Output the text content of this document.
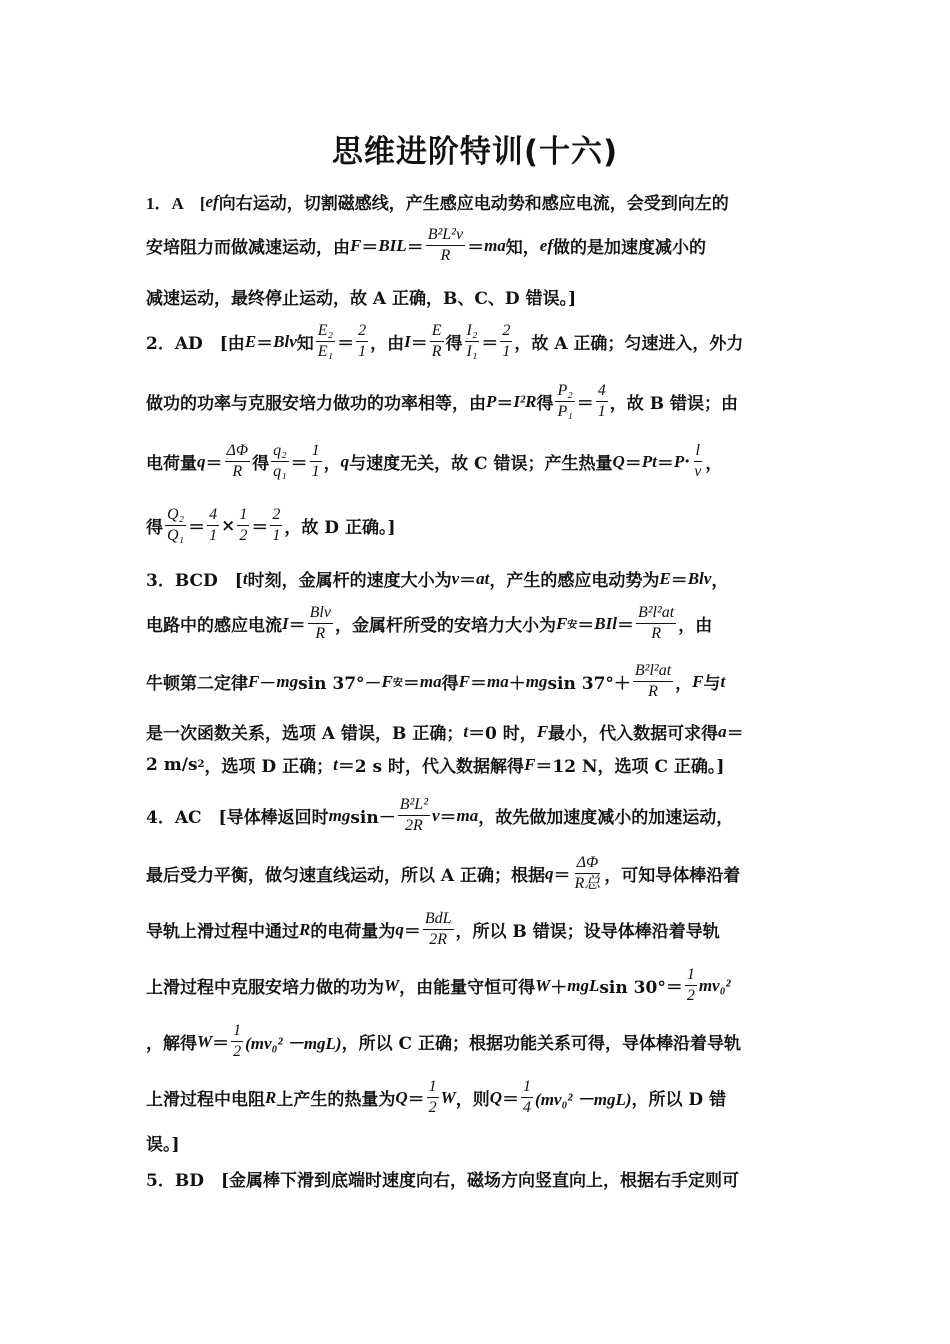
思维进阶特训(十六)
1．A　[ ef 向右运动，切割磁感线，产生感应电动势和感应电流，会受到向左的
安培阻力而做减速运动，由 F ＝ BIL ＝ $\frac{\text{B²L²v}}{R}$ ＝ ma 知， ef 做的是加速度减小的
减速运动，最终停止运动，故 A 正确，B、C、D 错误。]
2．AD　[由 E ＝ Blv 知 $\frac{\text{E₂}}{\text{E₁}} = \frac{2}{1}$ ，由 $I = \frac{E}{R}$ 得 $\frac{\text{I₂}}{\text{I₁}} = \frac{2}{1}$ ，故 A 正确；匀速进入，外力
做功的功率与克服安培力做功的功率相等，由 P ＝ I²R 得 $\frac{\text{P₂}}{\text{P₁}} = \frac{4}{1}$ ，故 B 错误；由
电荷量 $q = \frac{\Delta\Phi}{R}$ 得 $\frac{\text{q₂}}{\text{q₁}} = \frac{1}{1}$ ， q 与速度无关，故 C 错误；产生热量 $Q = Pt = P \cdot \frac{l}{v}$ ，
得 $\frac{\text{Q₂}}{\text{Q₁}} = \frac{4}{1} \times \frac{1}{2} = \frac{2}{1}$ ，故 D 正确。]
3．BCD　[ t 时刻，金属杆的速度大小为 v ＝ at ，产生的感应电动势为 E ＝ Blv ，
电路中的感应电流 $I = \frac{\text{Blv}}{R}$ ，金属杆所受的安培力大小为 F 安 ＝ BIl ＝ $\frac{\text{B²l²at}}{R}$ ，由
牛顿第二定律 F － mg sin 37°－ F 安 ＝ ma 得 F ＝ ma ＋ mg $\sin 37^\circ+ \frac{\text{B²l²at}}{R}$ ， F 与 t
是一次函数关系，选项 A 错误，B 正确； t ＝0 时， F 最小，代入数据可求得 a ＝
2 m/s 2 ，选项 D 正确； t ＝2 s 时，代入数据解得 F ＝12 N，选项 C 正确。]
4．AC　[导体棒返回时 mg $\sin- \frac{\text{B²L²}}{2R}$ v ＝ ma ，故先做加速度减小的加速运动，
最后受力平衡，做匀速直线运动，所以 A 正确；根据 $q = \frac{\Delta\Phi}{\text{R总}}$ ，可知导体棒沿着
导轨上滑过程中通过 R 的电荷量为 $q = \frac{\text{BdL}}{2R}$ ，所以 B 错误；设导体棒沿着导轨
上滑过程中克服安培力做的功为 W ，由能量守恒可得 W ＋ mgL $\sin 30^\circ= \frac{1}{2} mv_0^2$
，解得 $W = \frac{1}{2} (mv_0^2 -mgL)$ ，所以 C 正确；根据功能关系可得，导体棒沿着导轨
上滑过程中电阻 R 上产生的热量为 $Q = \frac{1}{2}$ W ，则 $Q = \frac{1}{4} (mv_0^2 -mgL)$ ，所以 D 错
误。]
5．BD　[金属棒下滑到底端时速度向右，磁场方向竖直向上，根据右手定则可
